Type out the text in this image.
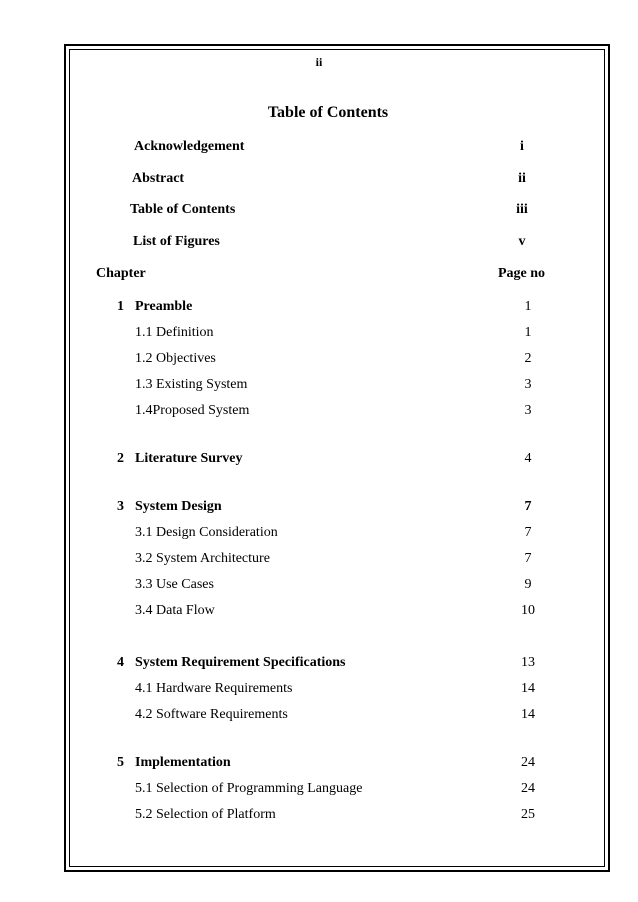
ii
Table of Contents
Acknowledgement	i
Abstract	ii
Table of Contents	iii
List of Figures	v
Chapter	Page no
1 Preamble	1
1.1 Definition	1
1.2 Objectives	2
1.3 Existing System	3
1.4Proposed System	3
2 Literature Survey	4
3 System Design	7
3.1 Design Consideration	7
3.2 System Architecture	7
3.3 Use Cases	9
3.4 Data Flow	10
4 System Requirement Specifications	13
4.1 Hardware Requirements	14
4.2 Software Requirements	14
5 Implementation	24
5.1 Selection of Programming Language	24
5.2 Selection of Platform	25
